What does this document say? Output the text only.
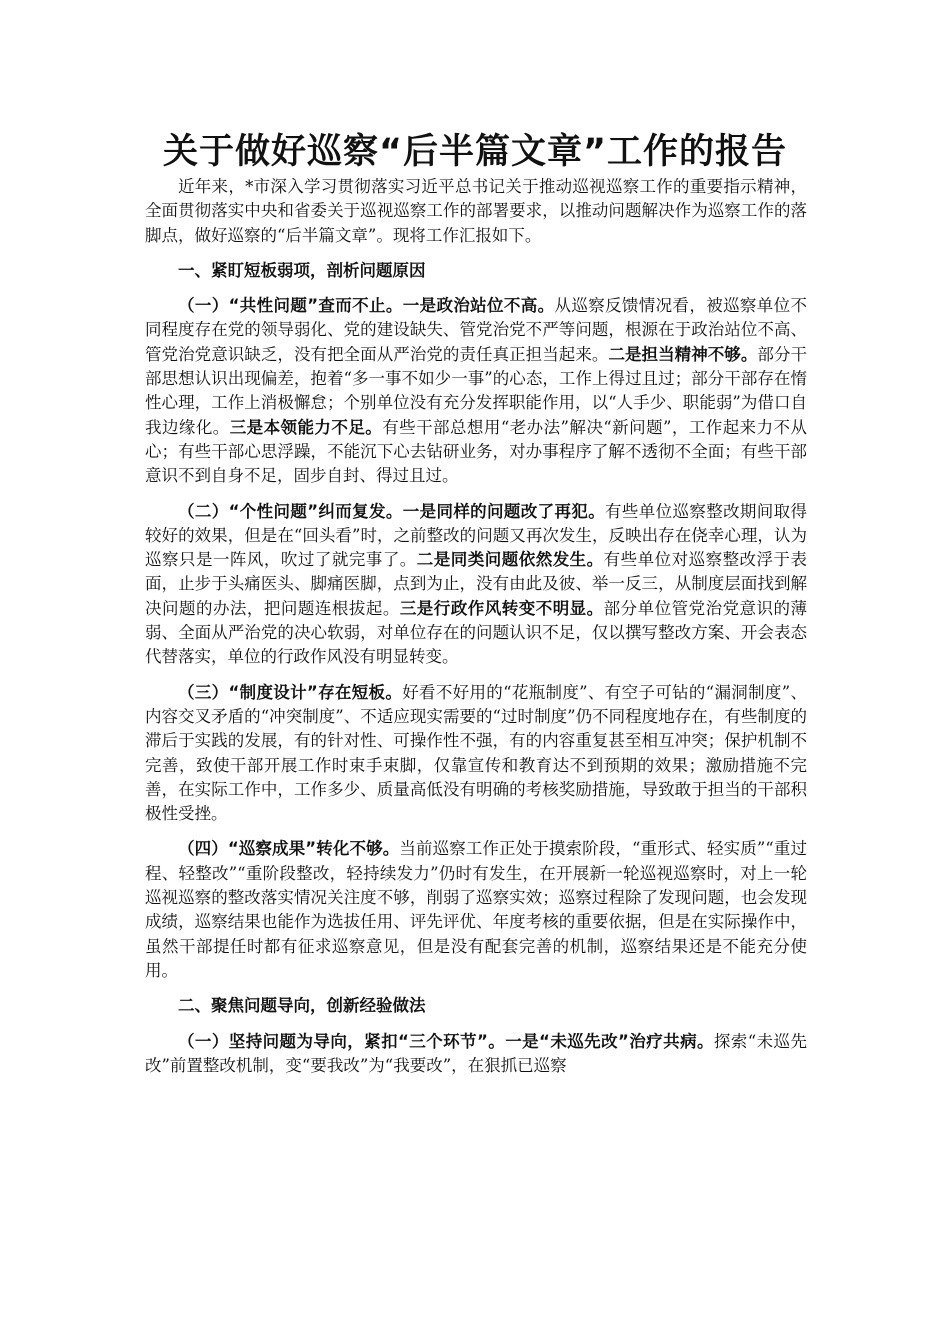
关于做好巡察“后半篇文章”工作的报告

近年来，*市深入学习贯彻落实习近平总书记关于推动巡视巡察工作的重要指示精神，全面贯彻落实中央和省委关于巡视巡察工作的部署要求，以推动问题解决作为巡察工作的落脚点，做好巡察的“后半篇文章”。现将工作汇报如下。

一、紧盯短板弱项，剖析问题原因

（一）“共性问题”查而不止。一是政治站位不高。从巡察反馈情况看，被巡察单位不同程度存在党的领导弱化、党的建设缺失、管党治党不严等问题，根源在于政治站位不高、管党治党意识缺乏，没有把全面从严治党的责任真正担当起来。二是担当精神不够。部分干部思想认识出现偏差，抱着“多一事不如少一事”的心态，工作上得过且过；部分干部存在惰性心理，工作上消极懈怠；个别单位没有充分发挥职能作用，以“人手少、职能弱”为借口自我边缘化。三是本领能力不足。有些干部总想用“老办法”解决“新问题”，工作起来力不从心；有些干部心思浮躁，不能沉下心去钻研业务，对办事程序了解不透彻不全面；有些干部意识不到自身不足，固步自封、得过且过。

（二）“个性问题”纠而复发。一是同样的问题改了再犯。有些单位巡察整改期间取得较好的效果，但是在“回头看”时，之前整改的问题又再次发生，反映出存在侥幸心理，认为巡察只是一阵风，吹过了就完事了。二是同类问题依然发生。有些单位对巡察整改浮于表面，止步于头痛医头、脚痛医脚，点到为止，没有由此及彼、举一反三，从制度层面找到解决问题的办法，把问题连根拔起。三是行政作风转变不明显。部分单位管党治党意识的薄弱、全面从严治党的决心软弱，对单位存在的问题认识不足，仅以撰写整改方案、开会表态代替落实，单位的行政作风没有明显转变。

（三）“制度设计”存在短板。好看不好用的“花瓶制度”、有空子可钻的“漏洞制度”、内容交叉矛盾的“冲突制度”、不适应现实需要的“过时制度”仍不同程度地存在，有些制度的滞后于实践的发展，有的针对性、可操作性不强，有的内容重复甚至相互冲突；保护机制不完善，致使干部开展工作时束手束脚，仅靠宣传和教育达不到预期的效果；激励措施不完善，在实际工作中，工作多少、质量高低没有明确的考核奖励措施，导致敢于担当的干部积极性受挫。

（四）“巡察成果”转化不够。当前巡察工作正处于摸索阶段，“重形式、轻实质”“重过程、轻整改”“重阶段整改，轻持续发力”仍时有发生，在开展新一轮巡视巡察时，对上一轮巡视巡察的整改落实情况关注度不够，削弱了巡察实效；巡察过程除了发现问题，也会发现成绩，巡察结果也能作为选拔任用、评先评优、年度考核的重要依据，但是在实际操作中，虽然干部提任时都有征求巡察意见，但是没有配套完善的机制，巡察结果还是不能充分使用。

二、聚焦问题导向，创新经验做法

（一）坚持问题为导向，紧扣“三个环节”。一是“未巡先改”治疗共病。探索“未巡先改”前置整改机制，变“要我改”为“我要改”，在狠抓已巡察
